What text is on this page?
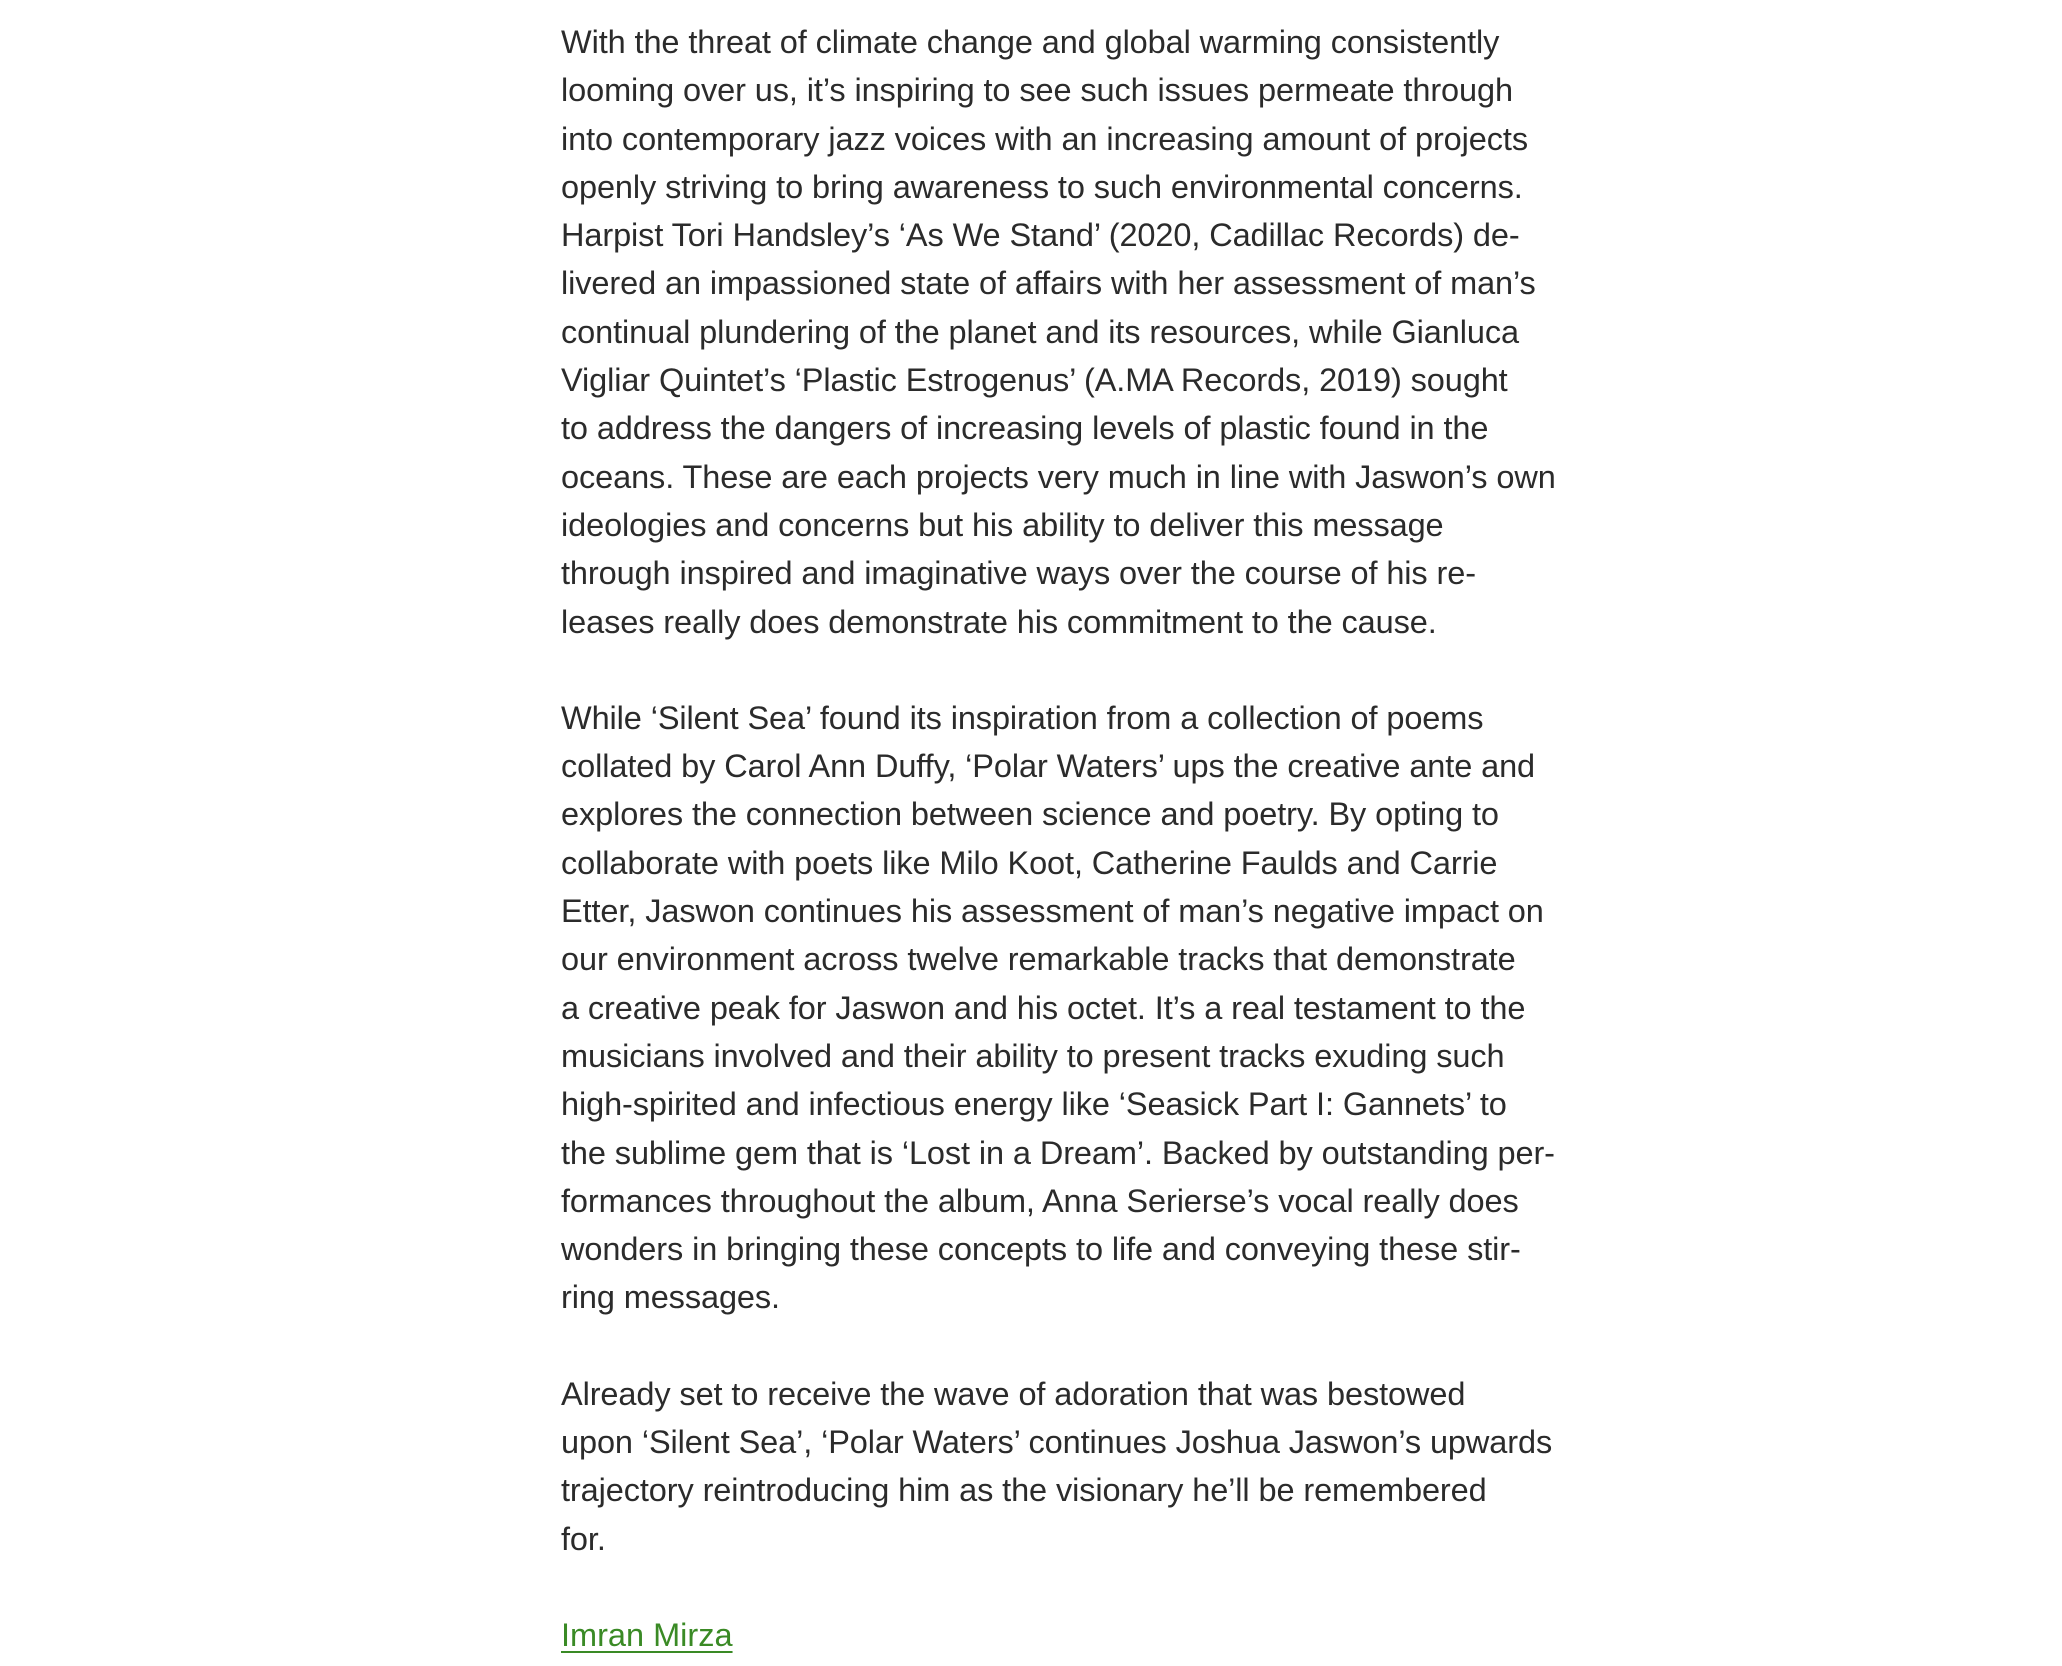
With the threat of climate change and global warming consistently
looming over us, it’s inspiring to see such issues permeate through
into contemporary jazz voices with an increasing amount of projects
openly striving to bring awareness to such environmental concerns.
Harpist Tori Handsley’s ‘As We Stand’ (2020, Cadillac Records) de-
livered an impassioned state of affairs with her assessment of man’s
continual plundering of the planet and its resources, while Gianluca
Vigliar Quintet’s ‘Plastic Estrogenus’ (A.MA Records, 2019) sought
to address the dangers of increasing levels of plastic found in the
oceans. These are each projects very much in line with Jaswon’s own
ideologies and concerns but his ability to deliver this message
through inspired and imaginative ways over the course of his re-
leases really does demonstrate his commitment to the cause.

While ‘Silent Sea’ found its inspiration from a collection of poems
collated by Carol Ann Duffy, ‘Polar Waters’ ups the creative ante and
explores the connection between science and poetry. By opting to
collaborate with poets like Milo Koot, Catherine Faulds and Carrie
Etter, Jaswon continues his assessment of man’s negative impact on
our environment across twelve remarkable tracks that demonstrate
a creative peak for Jaswon and his octet. It’s a real testament to the
musicians involved and their ability to present tracks exuding such
high-spirited and infectious energy like ‘Seasick Part I: Gannets’ to
the sublime gem that is ‘Lost in a Dream’. Backed by outstanding per-
formances throughout the album, Anna Serierse’s vocal really does
wonders in bringing these concepts to life and conveying these stir-
ring messages.

Already set to receive the wave of adoration that was bestowed
upon ‘Silent Sea’, ‘Polar Waters’ continues Joshua Jaswon’s upwards
trajectory reintroducing him as the visionary he’ll be remembered
for.

Imran Mirza
